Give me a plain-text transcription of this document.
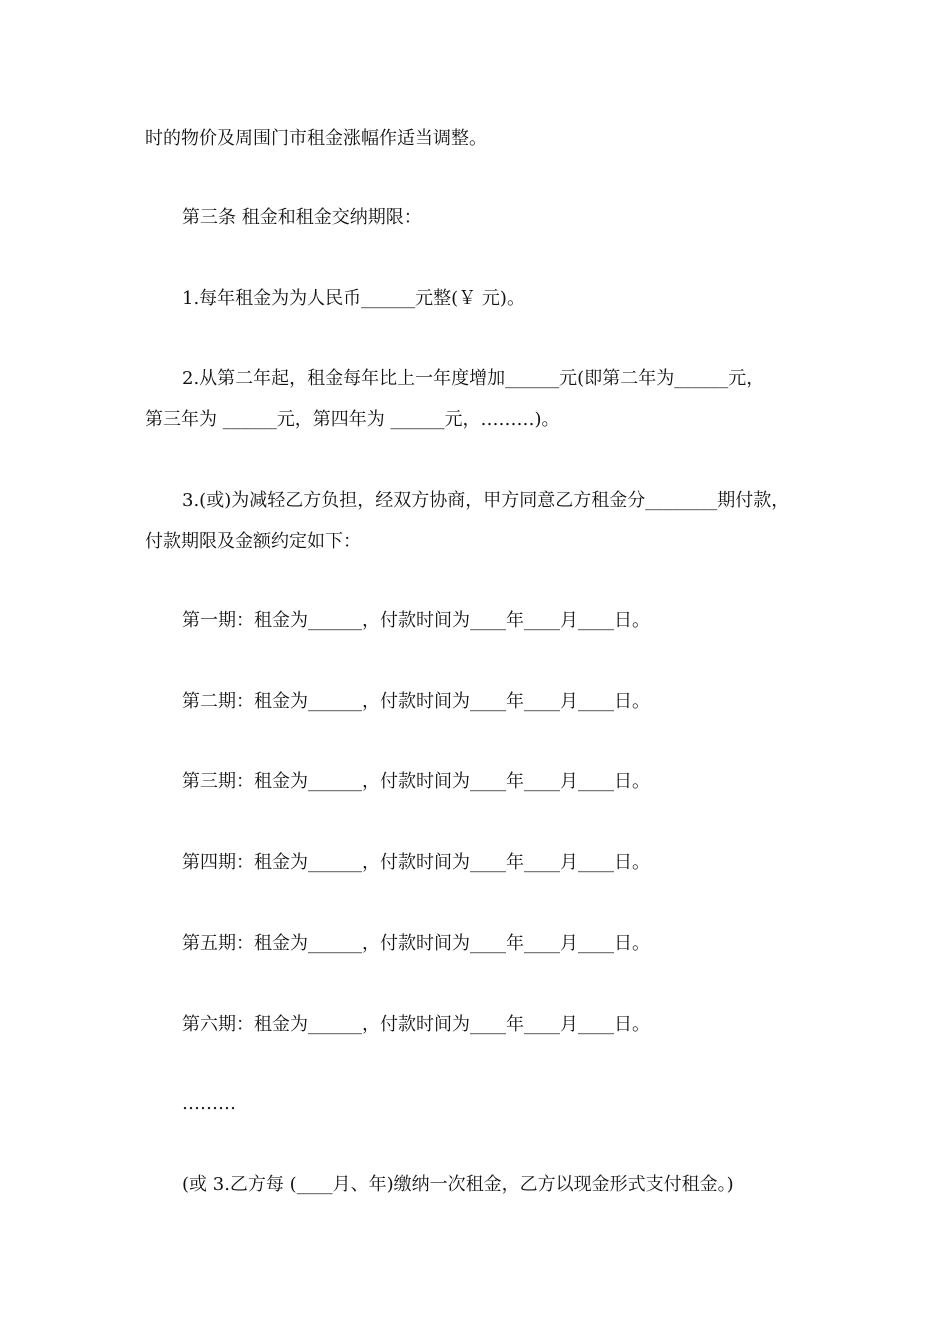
时的物价及周围门市租金涨幅作适当调整。
第三条 租金和租金交纳期限：
1.每年租金为为人民币______元整(￥ 元)。
2.从第二年起，租金每年比上一年度增加______元(即第二年为______元，
第三年为 ______元，第四年为 ______元，………)。
3.(或)为减轻乙方负担，经双方协商，甲方同意乙方租金分________期付款，
付款期限及金额约定如下：
第一期：租金为______，付款时间为____年____月____日。
第二期：租金为______，付款时间为____年____月____日。
第三期：租金为______，付款时间为____年____月____日。
第四期：租金为______，付款时间为____年____月____日。
第五期：租金为______，付款时间为____年____月____日。
第六期：租金为______，付款时间为____年____月____日。
………
(或 3.乙方每 (____月、年)缴纳一次租金，乙方以现金形式支付租金。)
